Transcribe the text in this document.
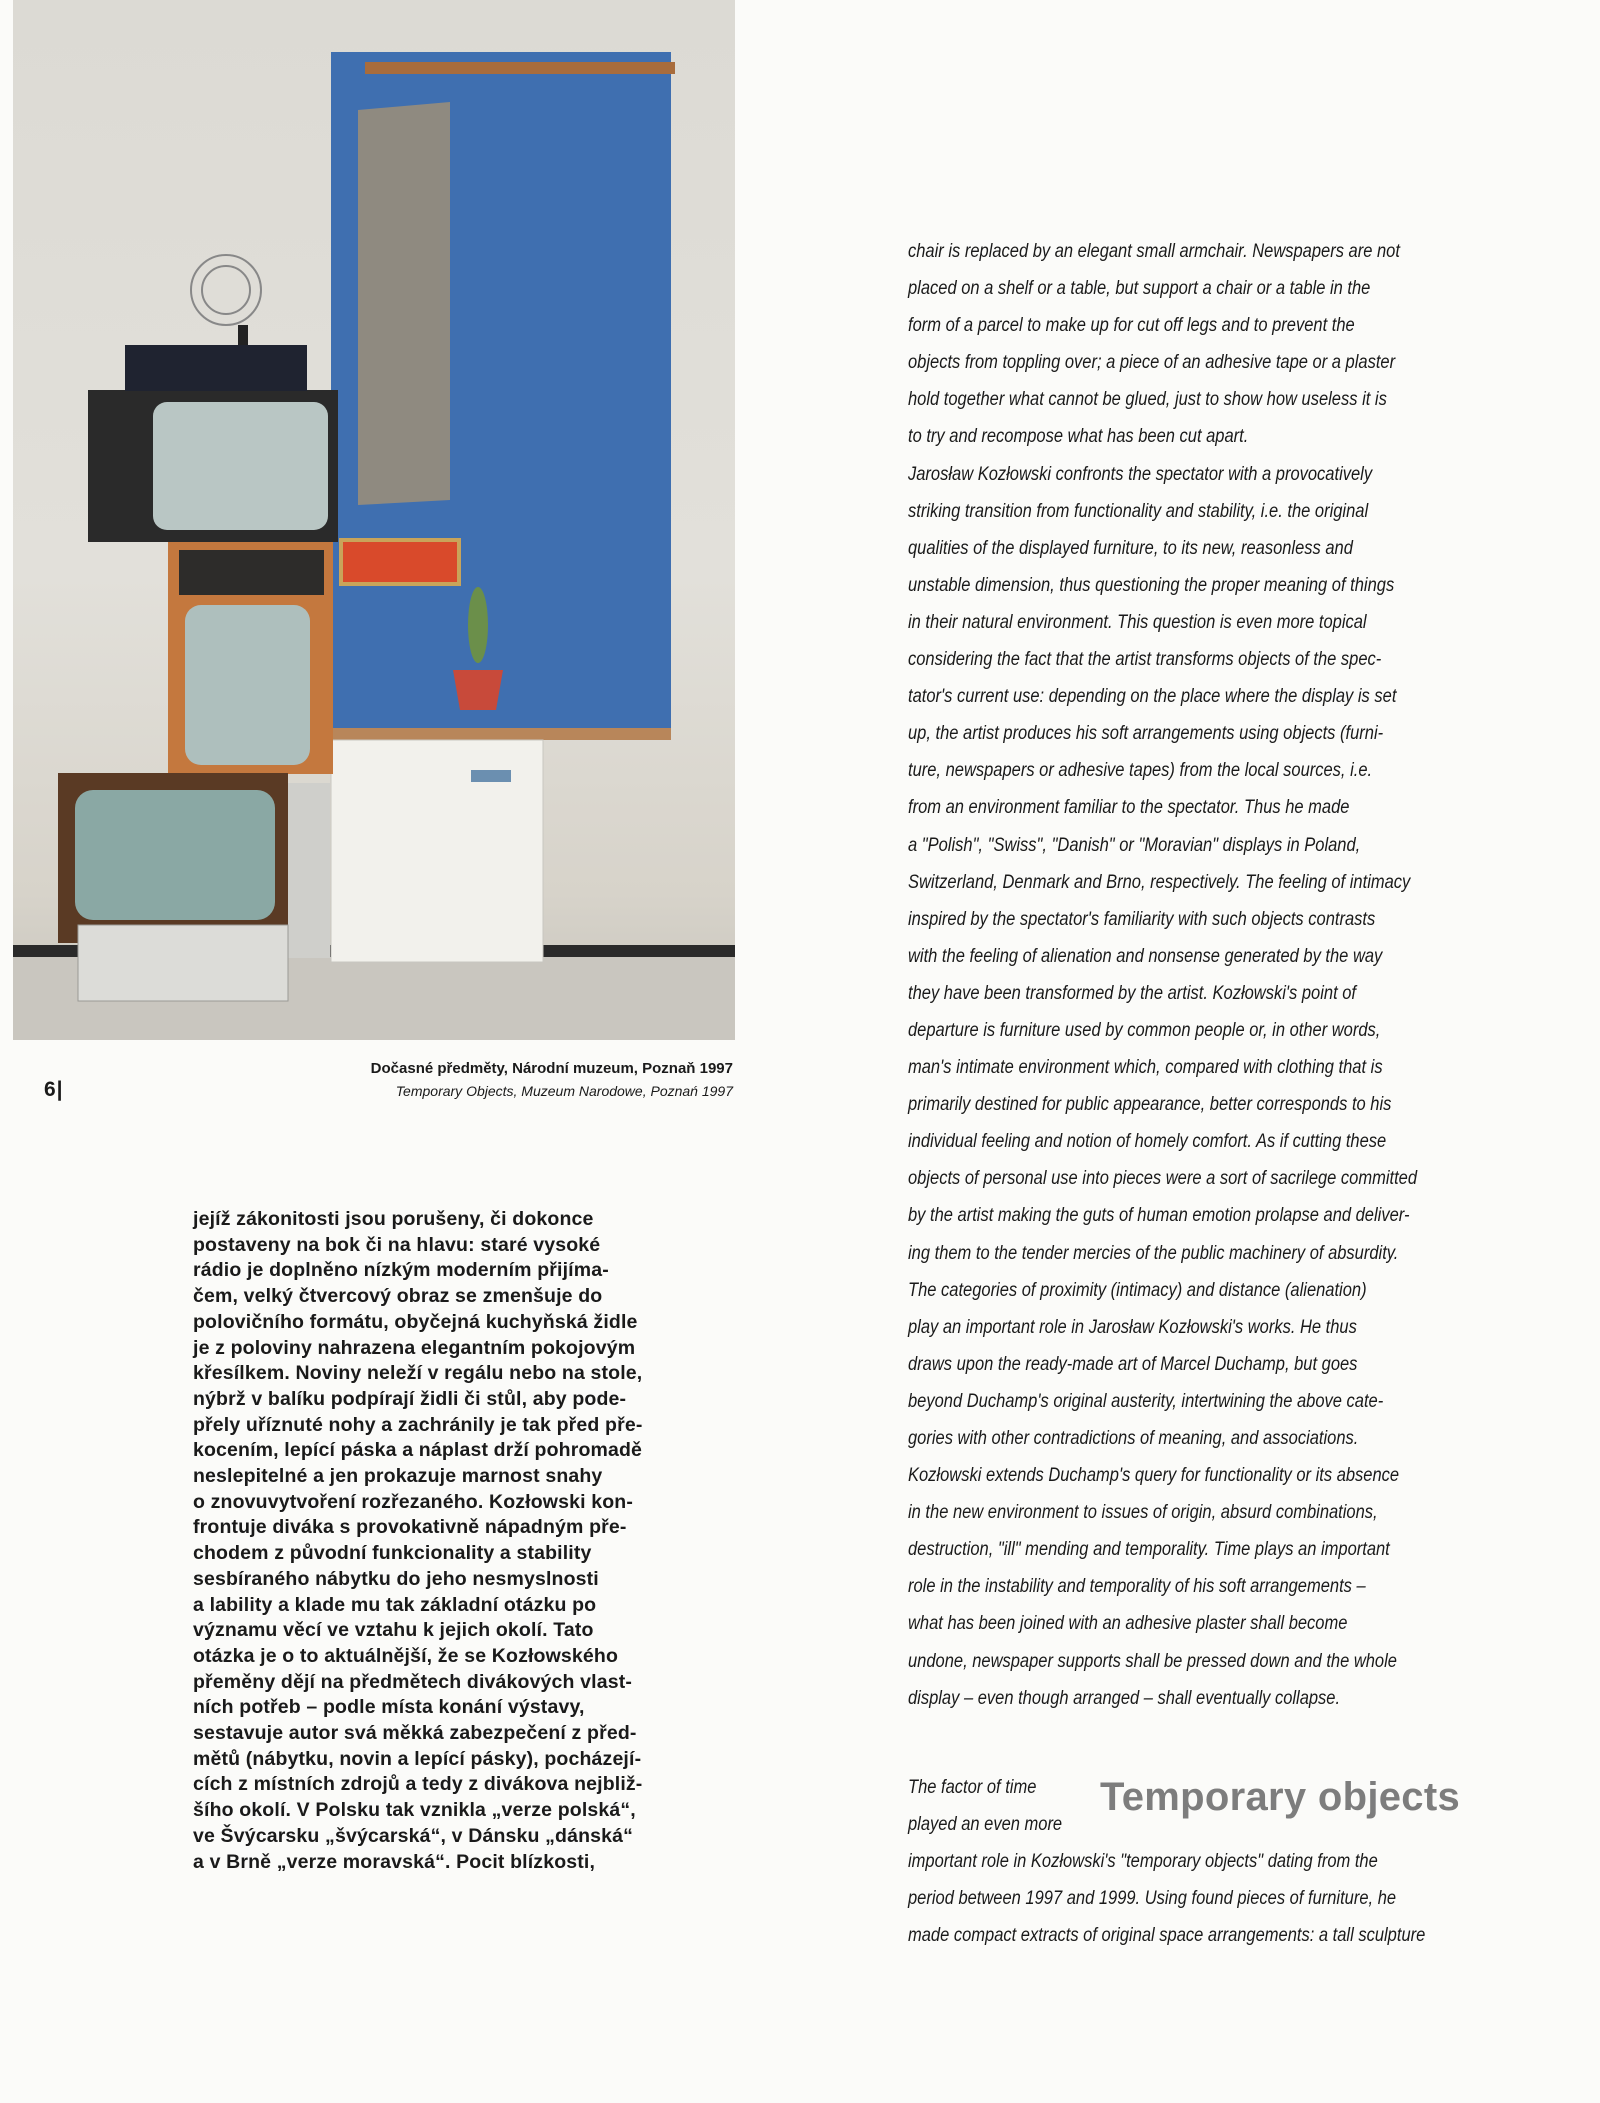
6|
Dočasné předměty, Národní muzeum, Poznaň 1997
Temporary Objects, Muzeum Narodowe, Poznań 1997

jejíž zákonitosti jsou porušeny, či dokonce

postaveny na bok či na hlavu: staré vysoké

rádio je doplněno nízkým moderním přijíma-

čem, velký čtvercový obraz se zmenšuje do

polovičního formátu, obyčejná kuchyňská židle

je z poloviny nahrazena elegantním pokojovým

křesílkem. Noviny neleží v regálu nebo na stole,

nýbrž v balíku podpírají židli či stůl, aby pode-

přely uříznuté nohy a zachránily je tak před pře-

kocením, lepící páska a náplast drží pohromadě

neslepitelné a jen prokazuje marnost snahy

o znovuvytvoření rozřezaného. Kozłowski kon-

frontuje diváka s provokativně nápadným pře-

chodem z původní funkcionality a stability

sesbíraného nábytku do jeho nesmyslnosti

a lability a klade mu tak základní otázku po

významu věcí ve vztahu k jejich okolí. Tato

otázka je o to aktuálnější, že se Kozłowského

přeměny dějí na předmětech divákových vlast-

ních potřeb – podle místa konání výstavy,

sestavuje autor svá měkká zabezpečení z před-

mětů (nábytku, novin a lepící pásky), pocházejí-

cích z místních zdrojů a tedy z divákova nejbliž-

šího okolí. V Polsku tak vznikla „verze polská“,

ve Švýcarsku „švýcarská“, v Dánsku „dánská“

a v Brně „verze moravská“. Pocit blízkosti,

chair is replaced by an elegant small armchair. Newspapers are not

placed on a shelf or a table, but support a chair or a table in the

form of a parcel to make up for cut off legs and to prevent the

objects from toppling over; a piece of an adhesive tape or a plaster

hold together what cannot be glued, just to show how useless it is

to try and recompose what has been cut apart.

Jarosław Kozłowski confronts the spectator with a provocatively

striking transition from functionality and stability, i.e. the original

qualities of the displayed furniture, to its new, reasonless and

unstable dimension, thus questioning the proper meaning of things

in their natural environment. This question is even more topical

considering the fact that the artist transforms objects of the spec-

tator's current use: depending on the place where the display is set

up, the artist produces his soft arrangements using objects (furni-

ture, newspapers or adhesive tapes) from the local sources, i.e.

from an environment familiar to the spectator. Thus he made

a "Polish", "Swiss", "Danish" or "Moravian" displays in Poland,

Switzerland, Denmark and Brno, respectively. The feeling of intimacy

inspired by the spectator's familiarity with such objects contrasts

with the feeling of alienation and nonsense generated by the way

they have been transformed by the artist. Kozłowski's point of

departure is furniture used by common people or, in other words,

man's intimate environment which, compared with clothing that is

primarily destined for public appearance, better corresponds to his

individual feeling and notion of homely comfort. As if cutting these

objects of personal use into pieces were a sort of sacrilege committed

by the artist making the guts of human emotion prolapse and deliver-

ing them to the tender mercies of the public machinery of absurdity.

The categories of proximity (intimacy) and distance (alienation)

play an important role in Jarosław Kozłowski's works. He thus

draws upon the ready-made art of Marcel Duchamp, but goes

beyond Duchamp's original austerity, intertwining the above cate-

gories with other contradictions of meaning, and associations.

Kozłowski extends Duchamp's query for functionality or its absence

in the new environment to issues of origin, absurd combinations,

destruction, "ill" mending and temporality. Time plays an important

role in the instability and temporality of his soft arrangements –

what has been joined with an adhesive plaster shall become

undone, newspaper supports shall be pressed down and the whole

display – even though arranged – shall eventually collapse.

Temporary objects

The factor of time

played an even more

important role in Kozłowski's "temporary objects" dating from the

period between 1997 and 1999. Using found pieces of furniture, he

made compact extracts of original space arrangements: a tall sculpture
